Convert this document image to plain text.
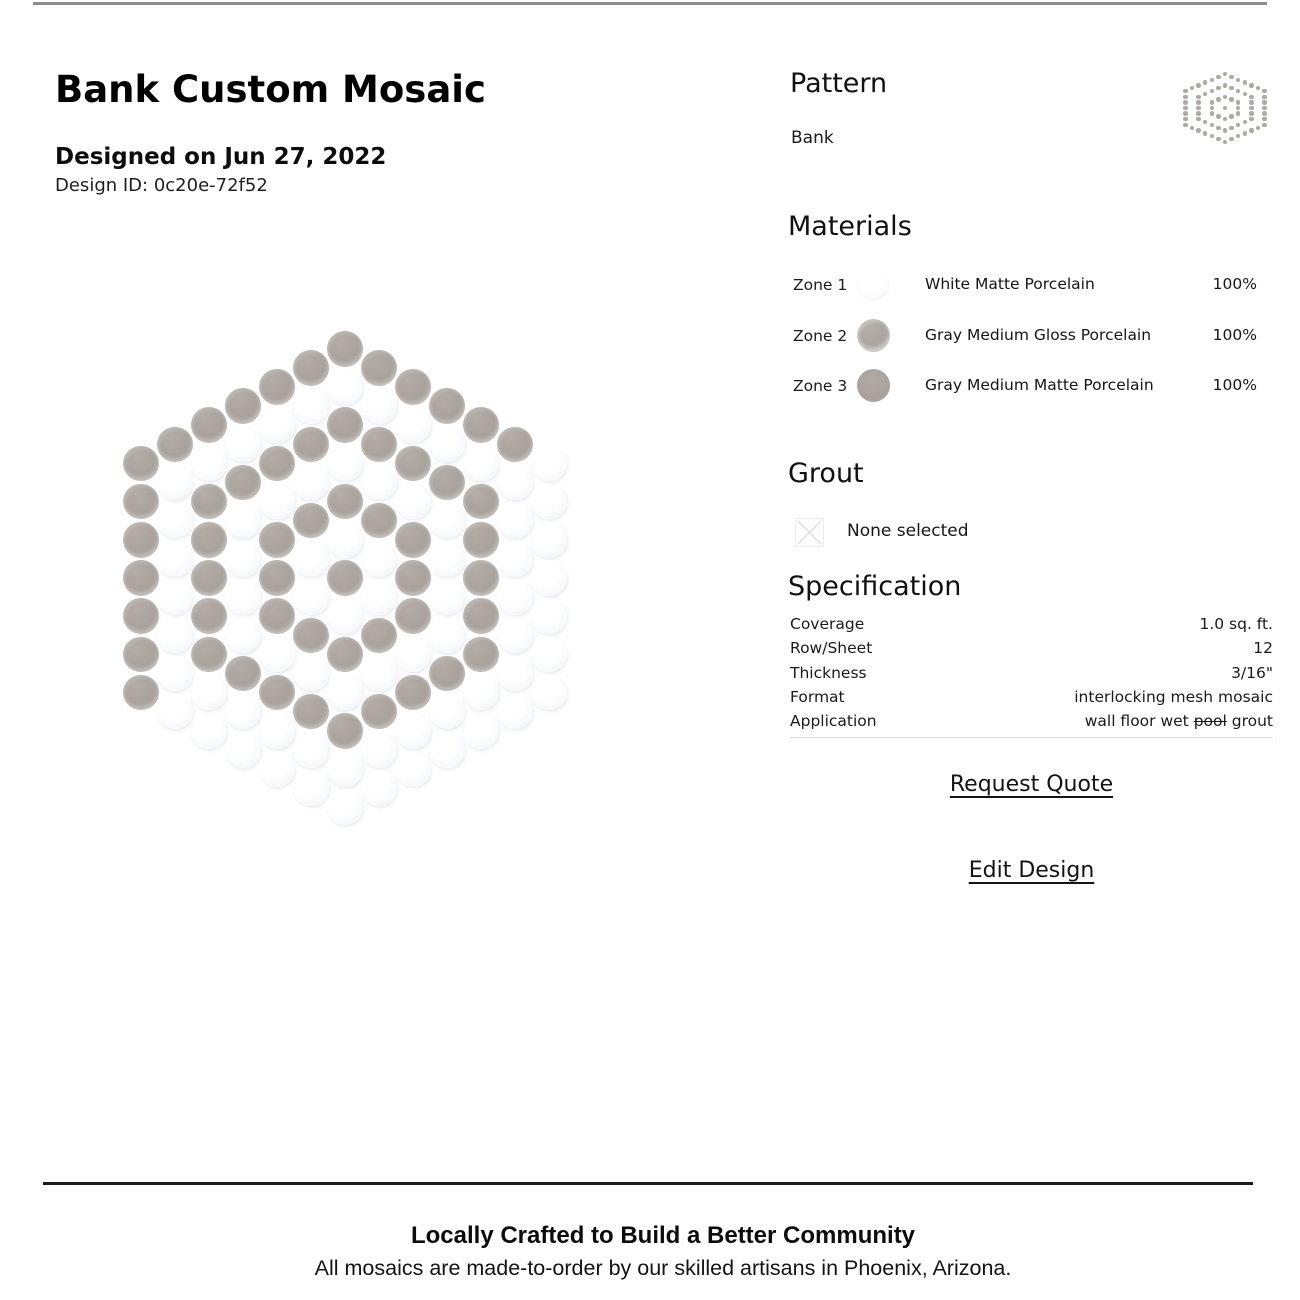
Bank Custom Mosaic
Designed on Jun 27, 2022
Design ID: 0c20e-72f52
Pattern
Bank
Materials
Zone 1	White Matte Porcelain	100%
Zone 2	Gray Medium Gloss Porcelain	100%
Zone 3	Gray Medium Matte Porcelain	100%
Grout
None selected
Specification
Coverage	1.0 sq. ft.
Row/Sheet	12
Thickness	3/16"
Format	interlocking mesh mosaic
Application	wall floor wet pool grout
Request Quote
Edit Design
Locally Crafted to Build a Better Community
All mosaics are made-to-order by our skilled artisans in Phoenix, Arizona.
